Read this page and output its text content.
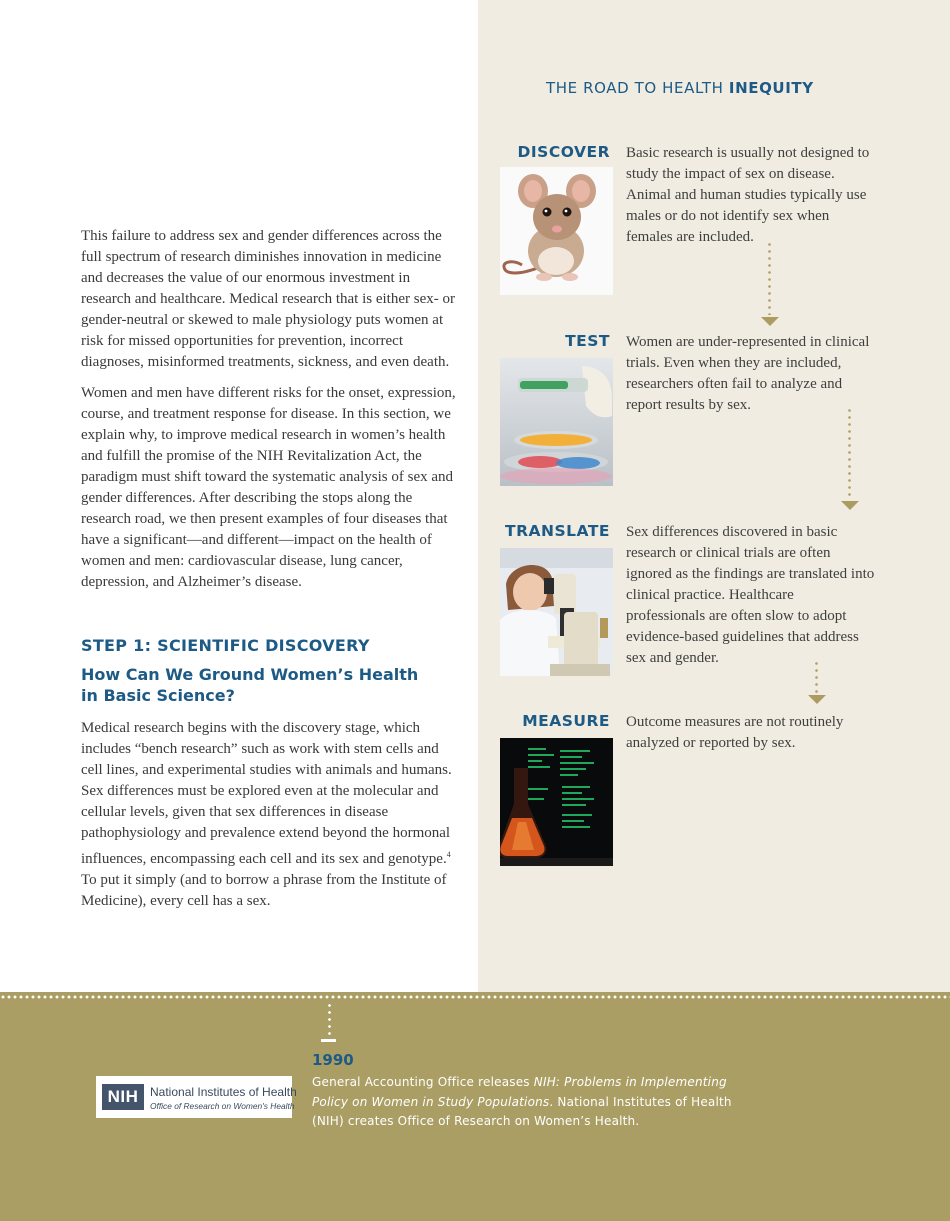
THE ROAD TO HEALTH INEQUITY
DISCOVER Basic research is usually not designed to study the impact of sex on disease. Animal and human studies typically use males or do not identify sex when females are included.
TEST Women are under-represented in clinical trials. Even when they are included, researchers often fail to analyze and report results by sex.
TRANSLATE Sex differences discovered in basic research or clinical trials are often ignored as the findings are translated into clinical practice. Healthcare professionals are often slow to adopt evidence-based guidelines that address sex and gender.
MEASURE Outcome measures are not routinely analyzed or reported by sex.

This failure to address sex and gender differences across the full spectrum of research diminishes innovation in medicine and decreases the value of our enormous investment in research and healthcare. Medical research that is either sex- or gender-neutral or skewed to male physiology puts women at risk for missed opportunities for prevention, incorrect diagnoses, misinformed treatments, sickness, and even death.

Women and men have different risks for the onset, expression, course, and treatment response for disease. In this section, we explain why, to improve medical research in women’s health and fulfill the promise of the NIH Revitalization Act, the paradigm must shift toward the systematic analysis of sex and gender differences. After describing the stops along the research road, we then present examples of four diseases that have a significant—and different—impact on the health of women and men: cardiovascular disease, lung cancer, depression, and Alzheimer’s disease.

STEP 1: SCIENTIFIC DISCOVERY
How Can We Ground Women’s Health
in Basic Science?

Medical research begins with the discovery stage, which includes “bench research” such as work with stem cells and cell lines, and experimental studies with animals and humans. Sex differences must be explored even at the molecular and cellular levels, given that sex differences in disease pathophysiology and prevalence extend beyond the hormonal influences, encompassing each cell and its sex and genotype.$^4$ To put it simply (and to borrow a phrase from the Institute of Medicine), every cell has a sex.

1990
General Accounting Office releases NIH: Problems in Implementing Policy on Women in Study Populations. National Institutes of Health (NIH) creates Office of Research on Women’s Health.
NIH National Institutes of Health
Office of Research on Women's Health
